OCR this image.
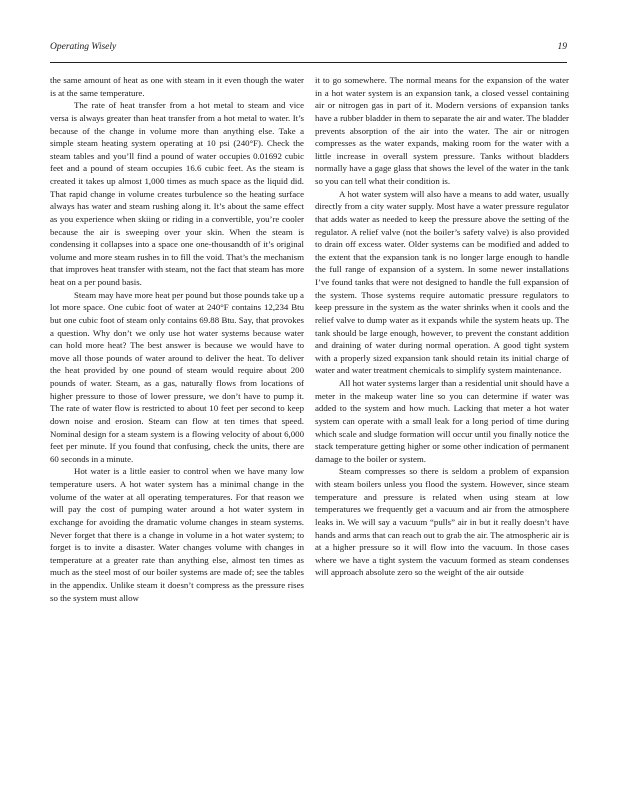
Operating Wisely	19

the same amount of heat as one with steam in it even though the water is at the same temperature.

The rate of heat transfer from a hot metal to steam and vice versa is always greater than heat transfer from a hot metal to water. It’s because of the change in volume more than anything else. Take a simple steam heating system operating at 10 psi (240°F). Check the steam tables and you’ll find a pound of water occupies 0.01692 cubic feet and a pound of steam occupies 16.6 cubic feet. As the steam is created it takes up almost 1,000 times as much space as the liquid did. That rapid change in volume creates turbulence so the heating surface always has water and steam rushing along it. It’s about the same effect as you experience when skiing or riding in a convertible, you’re cooler because the air is sweeping over your skin. When the steam is condensing it collapses into a space one one-thousandth of it’s original volume and more steam rushes in to fill the void. That’s the mechanism that improves heat transfer with steam, not the fact that steam has more heat on a per pound basis.

Steam may have more heat per pound but those pounds take up a lot more space. One cubic foot of water at 240°F contains 12,234 Btu but one cubic foot of steam only contains 69.88 Btu. Say, that provokes a question. Why don’t we only use hot water systems because water can hold more heat? The best answer is because we would have to move all those pounds of water around to deliver the heat. To deliver the heat provided by one pound of steam would require about 200 pounds of water. Steam, as a gas, naturally flows from locations of higher pressure to those of lower pressure, we don’t have to pump it. The rate of water flow is restricted to about 10 feet per second to keep down noise and erosion. Steam can flow at ten times that speed. Nominal design for a steam system is a flowing velocity of about 6,000 feet per minute. If you found that confusing, check the units, there are 60 seconds in a minute.

Hot water is a little easier to control when we have many low temperature users. A hot water system has a minimal change in the volume of the water at all operating temperatures. For that reason we will pay the cost of pumping water around a hot water system in exchange for avoiding the dramatic volume changes in steam systems. Never forget that there is a change in volume in a hot water system; to forget is to invite a disaster. Water changes volume with changes in temperature at a greater rate than anything else, almost ten times as much as the steel most of our boiler systems are made of; see the tables in the appendix. Unlike steam it doesn’t compress as the pressure rises so the system must allow

it to go somewhere. The normal means for the expansion of the water in a hot water system is an expansion tank, a closed vessel containing air or nitrogen gas in part of it. Modern versions of expansion tanks have a rubber bladder in them to separate the air and water. The bladder prevents absorption of the air into the water. The air or nitrogen compresses as the water expands, making room for the water with a little increase in overall system pressure. Tanks without bladders normally have a gage glass that shows the level of the water in the tank so you can tell what their condition is.

A hot water system will also have a means to add water, usually directly from a city water supply. Most have a water pressure regulator that adds water as needed to keep the pressure above the setting of the regulator. A relief valve (not the boiler’s safety valve) is also provided to drain off excess water. Older systems can be modified and added to the extent that the expansion tank is no longer large enough to handle the full range of expansion of a system. In some newer installations I’ve found tanks that were not designed to handle the full expansion of the system. Those systems require automatic pressure regulators to keep pressure in the system as the water shrinks when it cools and the relief valve to dump water as it expands while the system heats up. The tank should be large enough, however, to prevent the constant addition and draining of water during normal operation. A good tight system with a properly sized expansion tank should retain its initial charge of water and water treatment chemicals to simplify system maintenance.

All hot water systems larger than a residential unit should have a meter in the makeup water line so you can determine if water was added to the system and how much. Lacking that meter a hot water system can operate with a small leak for a long period of time during which scale and sludge formation will occur until you finally notice the stack temperature getting higher or some other indication of permanent damage to the boiler or system.

Steam compresses so there is seldom a problem of expansion with steam boilers unless you flood the system. However, since steam temperature and pressure is related when using steam at low temperatures we frequently get a vacuum and air from the atmosphere leaks in. We will say a vacuum “pulls” air in but it really doesn’t have hands and arms that can reach out to grab the air. The atmospheric air is at a higher pressure so it will flow into the vacuum. In those cases where we have a tight system the vacuum formed as steam condenses will approach absolute zero so the weight of the air outside
